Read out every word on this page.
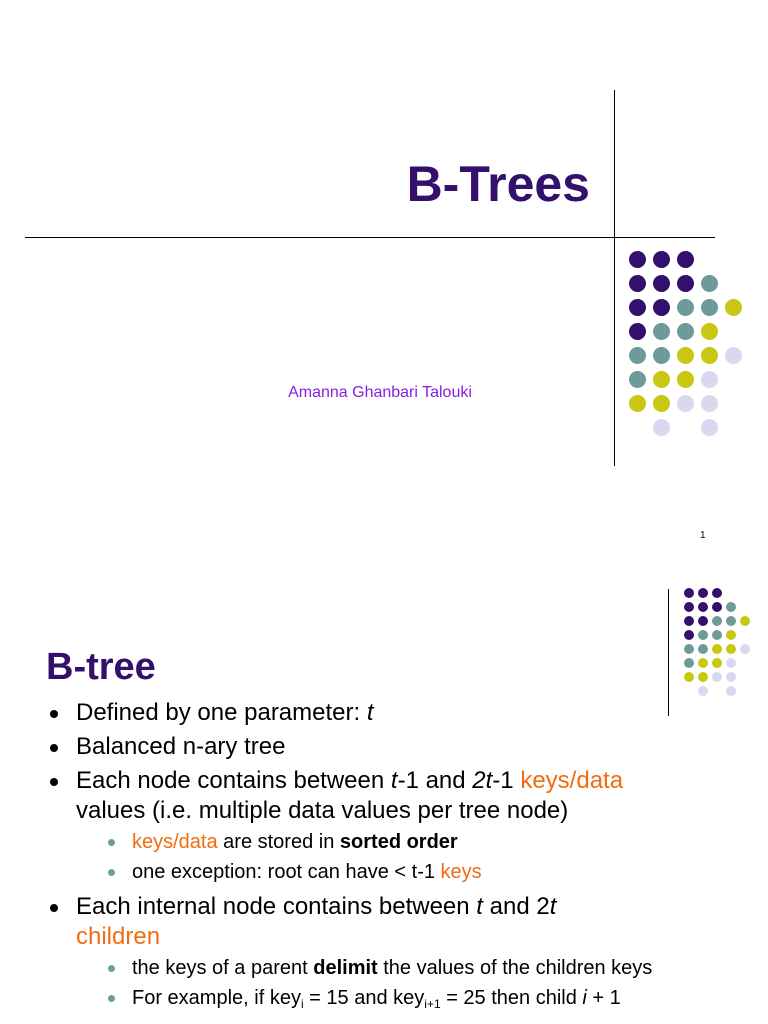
B-Trees
Amanna Ghanbari Talouki
1
B-tree
Defined by one parameter: t
Balanced n-ary tree
Each node contains between t-1 and 2t-1 keys/data
values (i.e. multiple data values per tree node)
keys/data are stored in sorted order
one exception: root can have < t-1 keys
Each internal node contains between t and 2t
children
the keys of a parent delimit the values of the children keys
For example, if key$_i$ = 15 and key$_{i+1}$ = 25 then child i + 1
